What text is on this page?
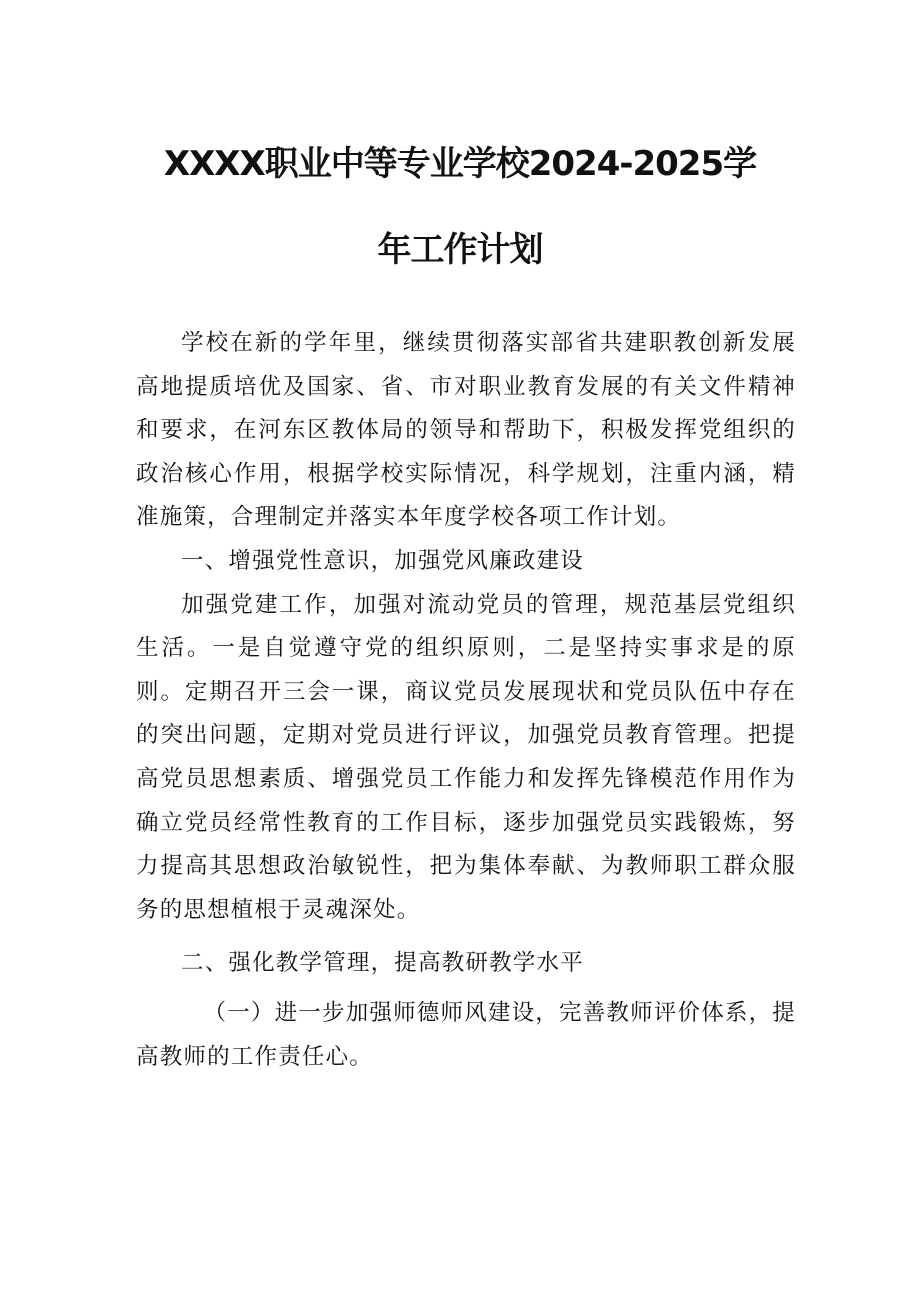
XXXX职业中等专业学校2024-2025学
年工作计划

学校在新的学年里，继续贯彻落实部省共建职教创新发展高地提质培优及国家、省、市对职业教育发展的有关文件精神和要求，在河东区教体局的领导和帮助下，积极发挥党组织的政治核心作用，根据学校实际情况，科学规划，注重内涵，精准施策，合理制定并落实本年度学校各项工作计划。

一、增强党性意识，加强党风廉政建设

加强党建工作，加强对流动党员的管理，规范基层党组织生活。一是自觉遵守党的组织原则，二是坚持实事求是的原则。定期召开三会一课，商议党员发展现状和党员队伍中存在的突出问题，定期对党员进行评议，加强党员教育管理。把提高党员思想素质、增强党员工作能力和发挥先锋模范作用作为确立党员经常性教育的工作目标，逐步加强党员实践锻炼，努力提高其思想政治敏锐性，把为集体奉献、为教师职工群众服务的思想植根于灵魂深处。

二、强化教学管理，提高教研教学水平

（一）进一步加强师德师风建设，完善教师评价体系，提高教师的工作责任心。
